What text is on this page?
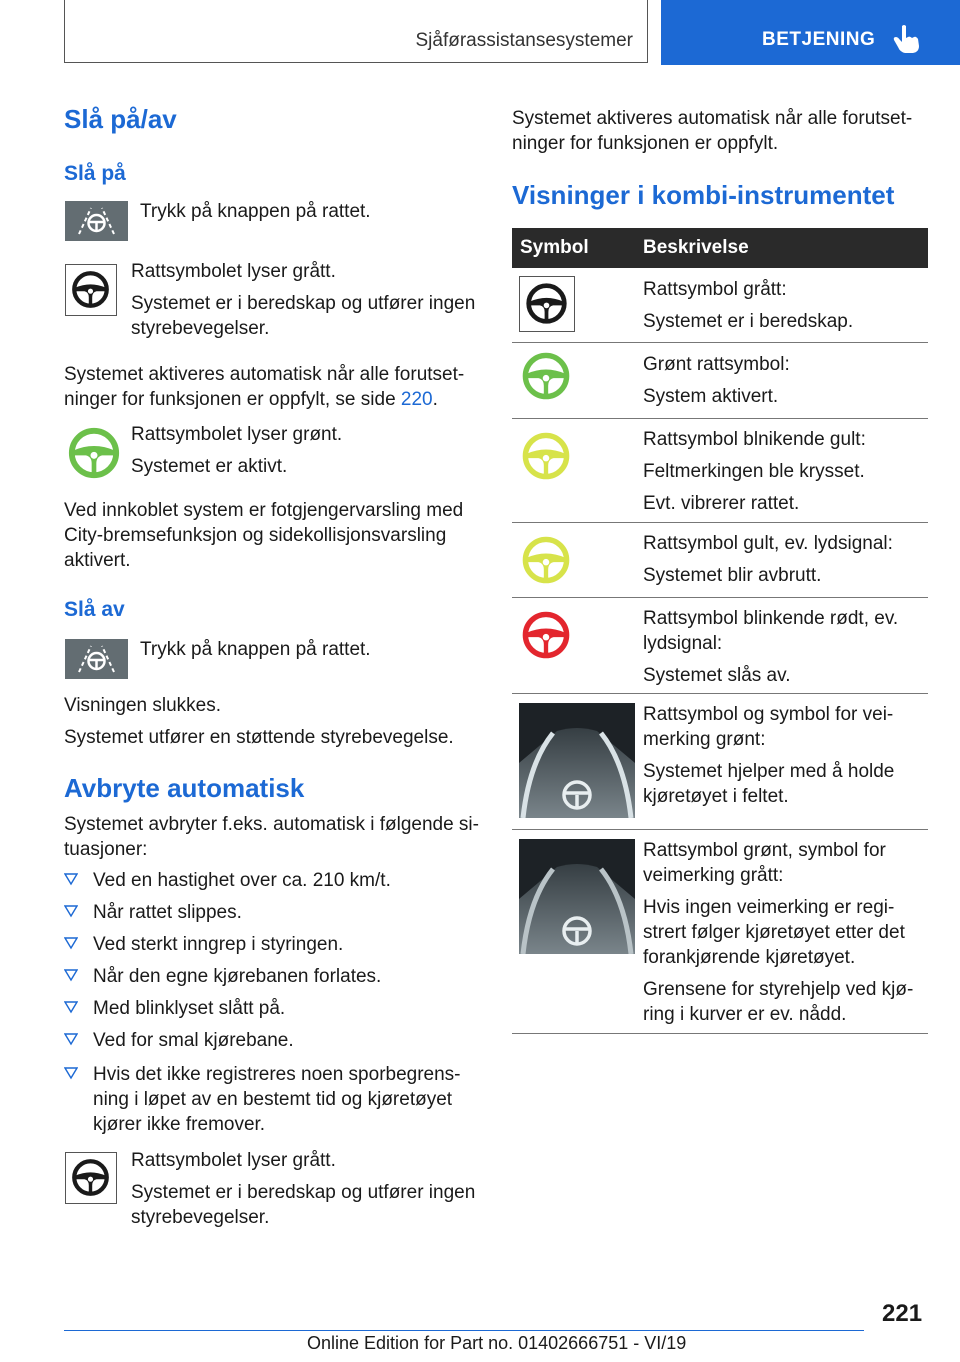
Sjåførassistansesystemer	BETJENING
Slå på/av
Slå på

Trykk på knappen på rattet.

Rattsymbolet lyser grått.

Systemet er i beredskap og utfører ingen

styrebevegelser.

Systemet aktiveres automatisk når alle forutset‐

ninger for funksjonen er oppfylt, se side 220.

Rattsymbolet lyser grønt.

Systemet er aktivt.

Ved innkoblet system er fotgjengervarsling med

City-bremsefunksjon og sidekollisjonsvarsling

aktivert.

Slå av

Trykk på knappen på rattet.

Visningen slukkes.

Systemet utfører en støttende styrebevegelse.

Avbryte automatisk

Systemet avbryter f.eks. automatisk i følgende si‐

tuasjoner:

Ved en hastighet over ca. 210 km/t.
Når rattet slippes.
Ved sterkt inngrep i styringen.
Når den egne kjørebanen forlates.
Med blinklyset slått på.
Ved for smal kjørebane.
Hvis det ikke registreres noen sporbegrens‐

ning i løpet av en bestemt tid og kjøretøyet

kjører ikke fremover.

Rattsymbolet lyser grått.

Systemet er i beredskap og utfører ingen

styrebevegelser.

Systemet aktiveres automatisk når alle forutset‐

ninger for funksjonen er oppfylt.

Visninger i kombi-instrumentet
Symbol	Beskrivelse

Rattsymbol grått:

Systemet er i beredskap.

Grønt rattsymbol:

System aktivert.

Rattsymbol blnikende gult:

Feltmerkingen ble krysset.

Evt. vibrerer rattet.

Rattsymbol gult, ev. lydsignal:

Systemet blir avbrutt.

Rattsymbol blinkende rødt, ev.

lydsignal:

Systemet slås av.

Rattsymbol og symbol for vei‐

merking grønt:

Systemet hjelper med å holde

kjøretøyet i feltet.

Rattsymbol grønt, symbol for

veimerking grått:

Hvis ingen veimerking er regi‐

strert følger kjøretøyet etter det

forankjørende kjøretøyet.

Grensene for styrehjelp ved kjø‐

ring i kurver er ev. nådd.

221
Online Edition for Part no. 01402666751 - VI/19
